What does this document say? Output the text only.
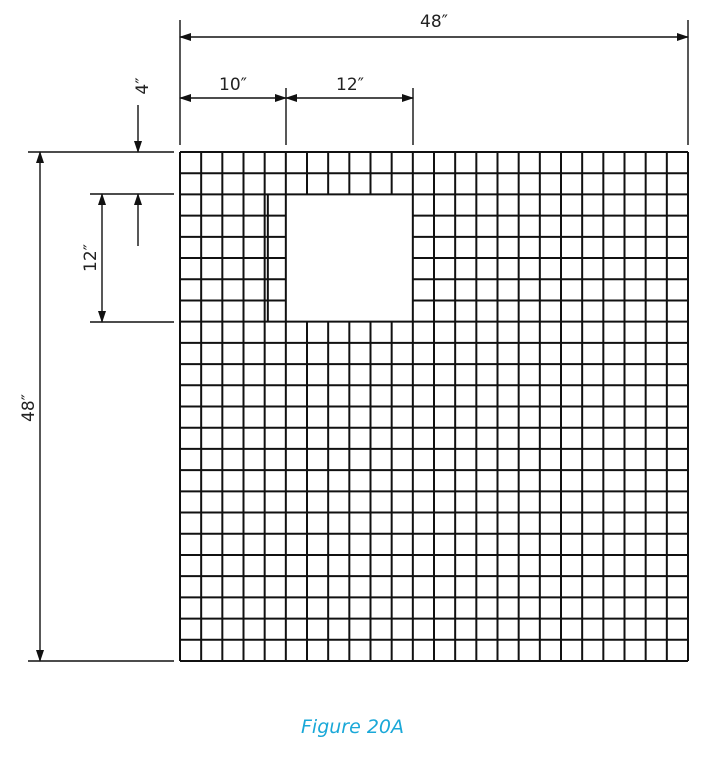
48″
10″	12″
4″
12″
48″
Figure 20A
